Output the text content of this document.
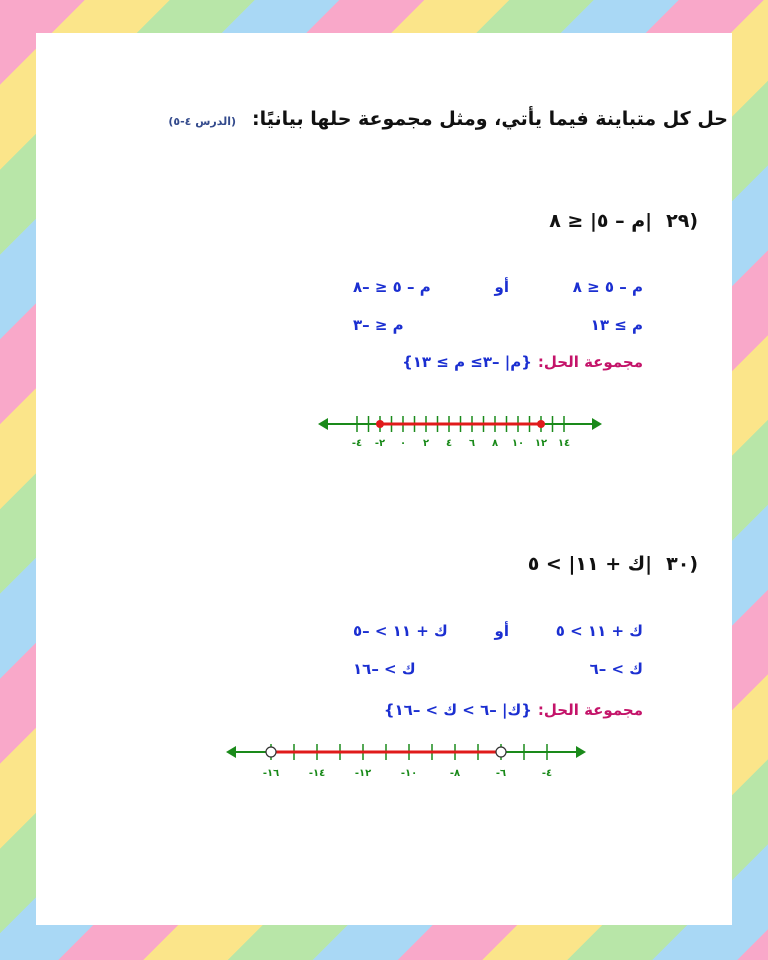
حل كل متباينة فيما يأتي، ومثل مجموعة حلها بيانيًا:
(الدرس ٤-٥)
(٢٩
|م – ٥| ≤ ٨
م – ٥ ≤ ٨
أو
م – ٥ ≤ –٨
م ≥ ١٣
م ≤ –٣
مجموعة الحل:
{م| –٣≥ م ≥ ١٣}
(٣٠
|ك + ١١| > ٥
ك + ١١ > ٥
أو
ك + ١١ > –٥
ك > –٦
ك > –١٦
مجموعة الحل:
{ك| –٦ > ك > –١٦}
-٤ -٢ ٠ ٢ ٤ ٦ ٨ ١٠ ١٢ ١٤
-١٦	-١٤	-١٢	-١٠	-٨	-٦	-٤
